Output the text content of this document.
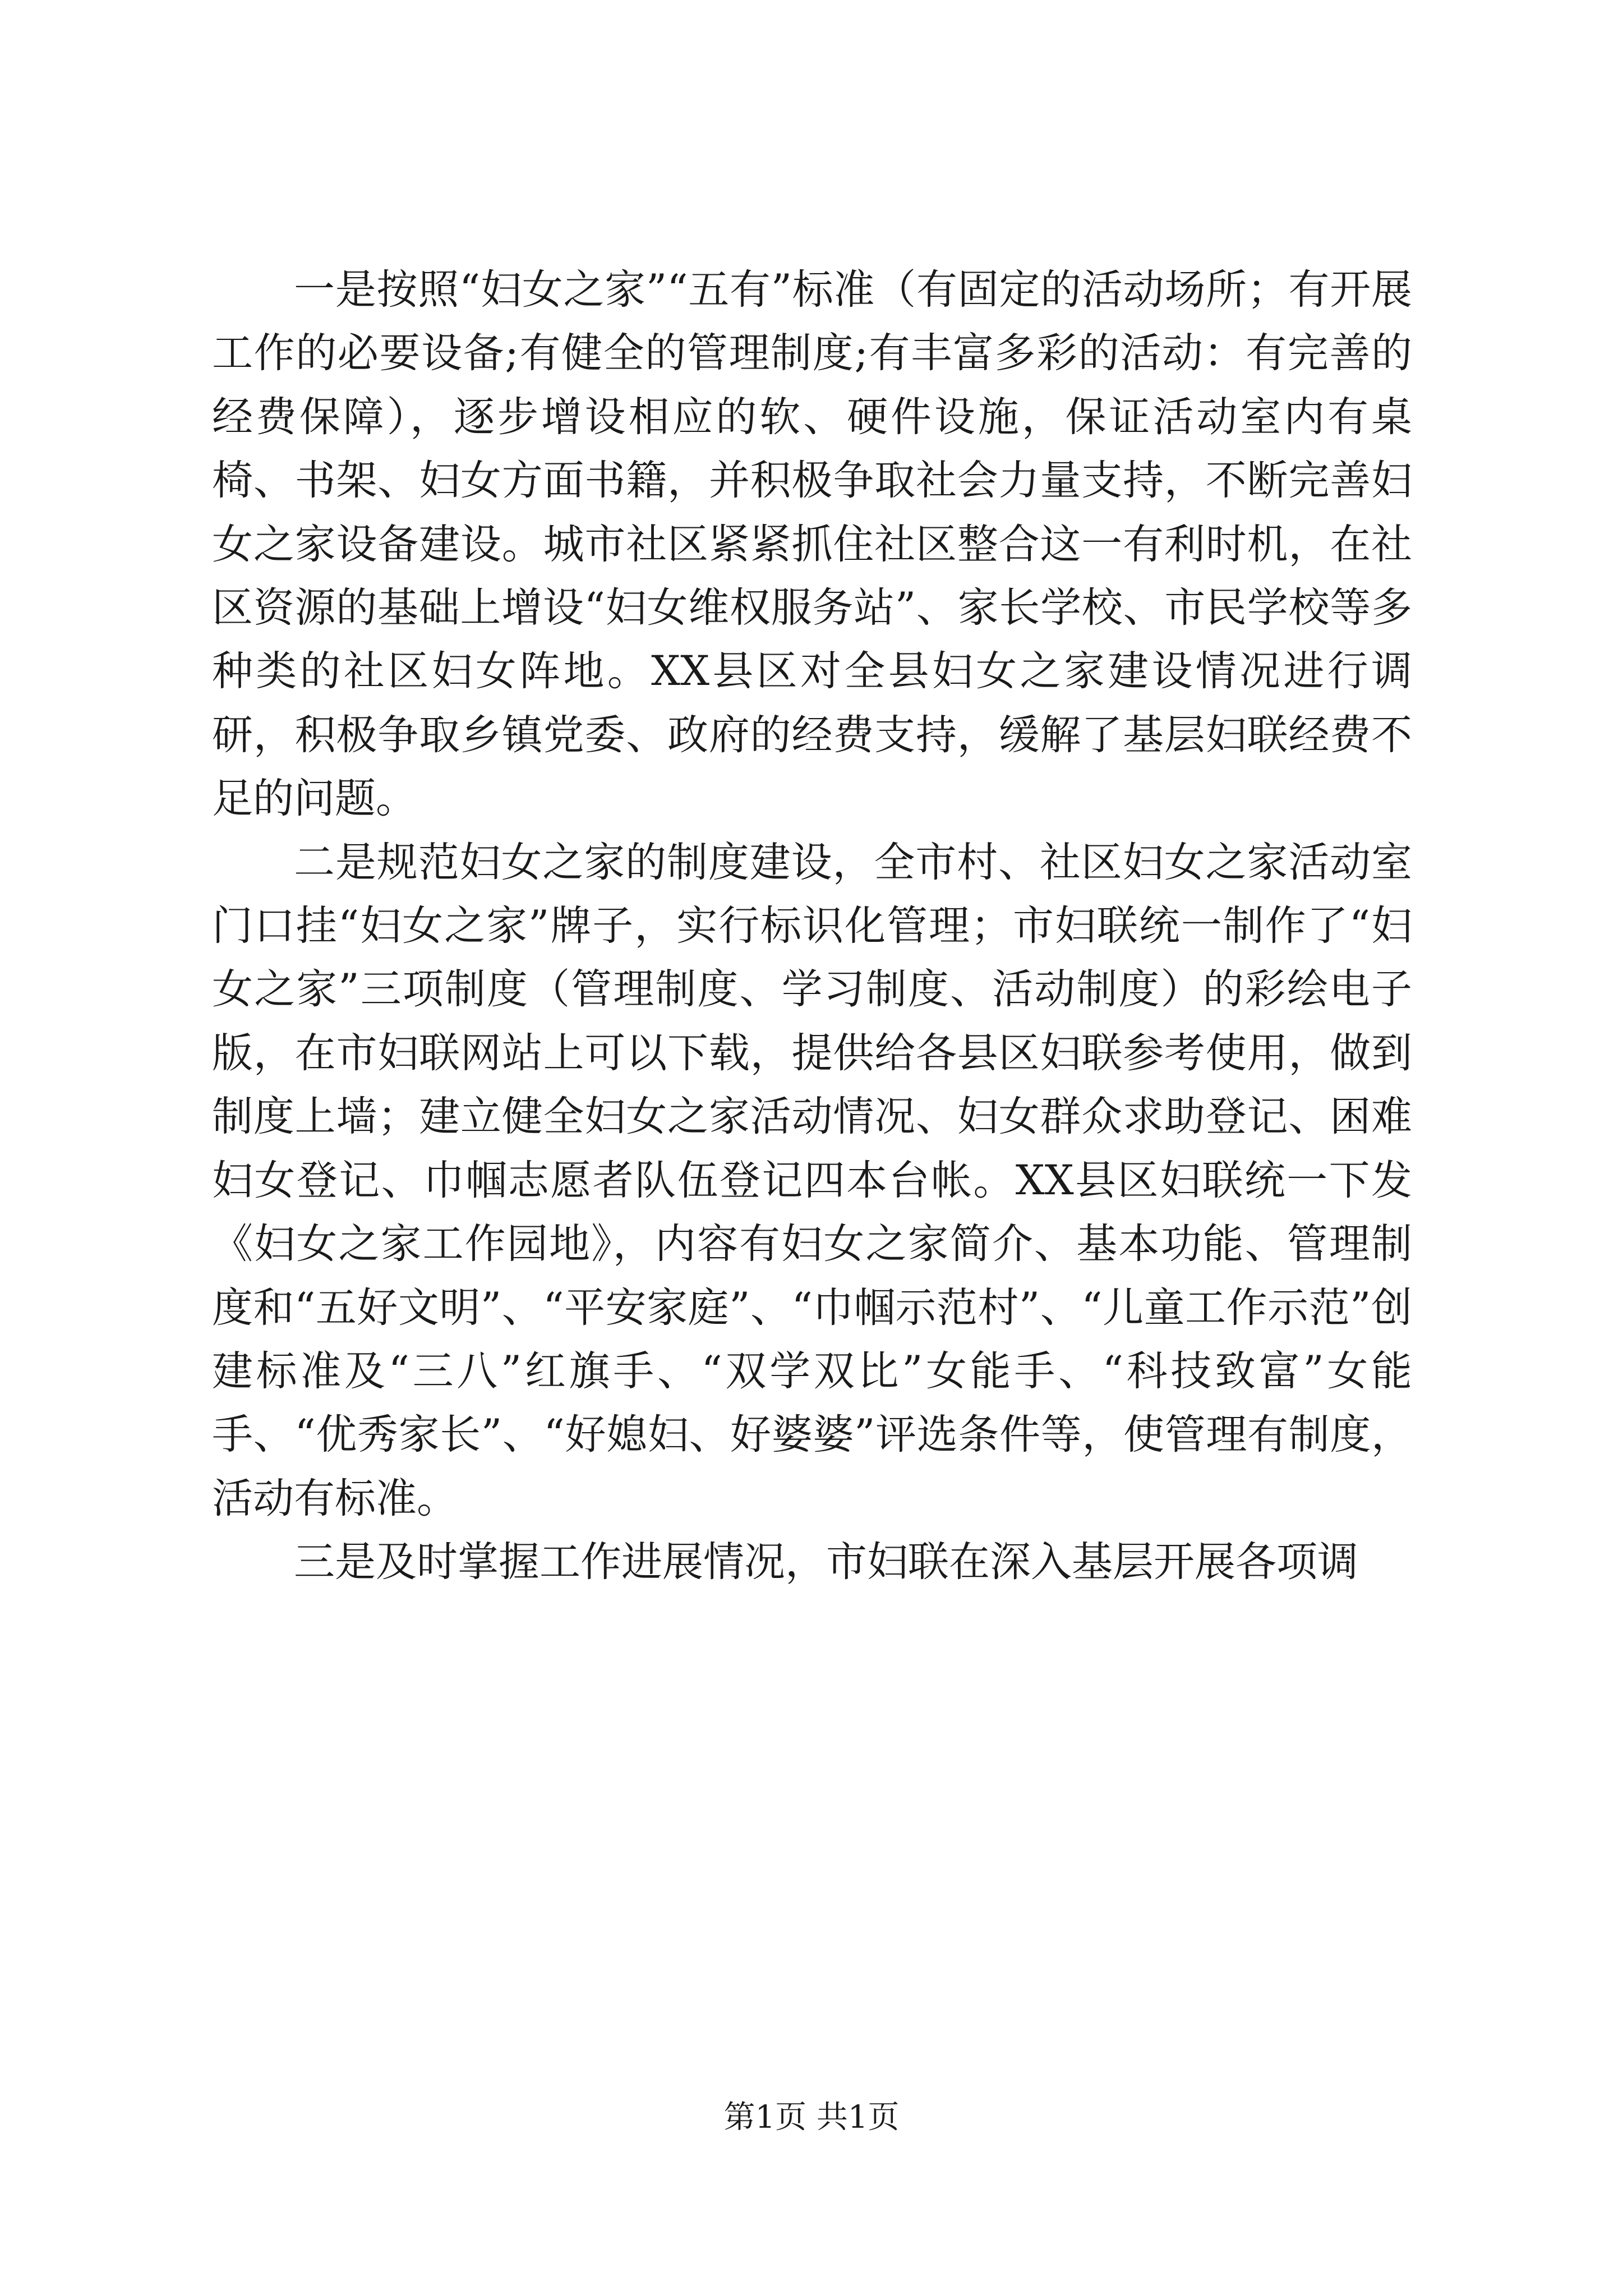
一是按照“妇女之家”“五有”标准（有固定的活动场所；有开展工作的必要设备;有健全的管理制度;有丰富多彩的活动：有完善的经费保障），逐步增设相应的软、硬件设施，保证活动室内有桌椅、书架、妇女方面书籍，并积极争取社会力量支持，不断完善妇女之家设备建设。城市社区紧紧抓住社区整合这一有利时机，在社区资源的基础上增设“妇女维权服务站”、家长学校、市民学校等多种类的社区妇女阵地。XX县区对全县妇女之家建设情况进行调研，积极争取乡镇党委、政府的经费支持，缓解了基层妇联经费不足的问题。

二是规范妇女之家的制度建设，全市村、社区妇女之家活动室门口挂“妇女之家”牌子，实行标识化管理；市妇联统一制作了“妇女之家”三项制度（管理制度、学习制度、活动制度）的彩绘电子版，在市妇联网站上可以下载，提供给各县区妇联参考使用，做到制度上墙；建立健全妇女之家活动情况、妇女群众求助登记、困难妇女登记、巾帼志愿者队伍登记四本台帐。XX县区妇联统一下发《妇女之家工作园地》，内容有妇女之家简介、基本功能、管理制度和“五好文明”、“平安家庭”、“巾帼示范村”、“儿童工作示范”创建标准及“三八”红旗手、“双学双比”女能手、“科技致富”女能手、“优秀家长”、“好媳妇、好婆婆”评选条件等，使管理有制度，活动有标准。

三是及时掌握工作进展情况，市妇联在深入基层开展各项调

第1页 共1页
